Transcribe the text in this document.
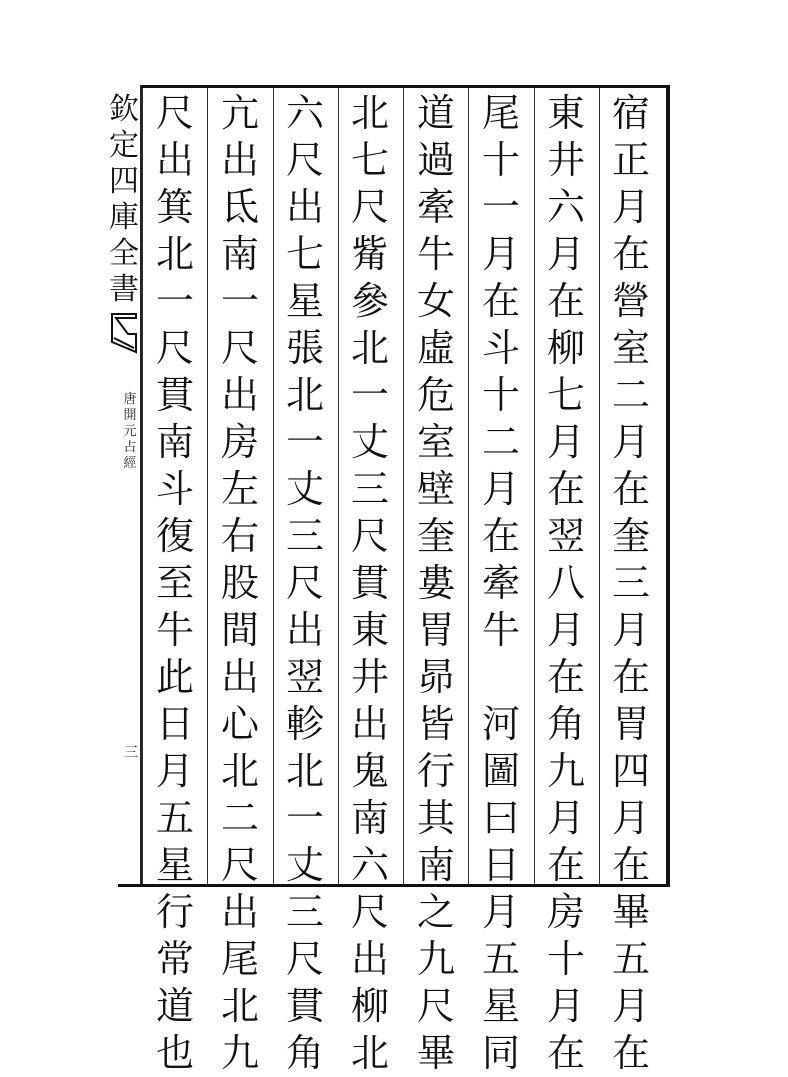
欽
定
四
庫
全
書
唐
開
元
占
經
三
宿
正
月
在
營
室
二
月
在
奎
三
月
在
胃
四
月
在
畢
五
月
在
東
井
六
月
在
柳
七
月
在
翌
八
月
在
角
九
月
在
房
十
月
在
尾
十
一
月
在
斗
十
二
月
在
牽
牛

河
圖
曰
日
月
五
星
同
道
過
牽
牛
女
虛
危
室
壁
奎
婁
胃
昴
皆
行
其
南
之
九
尺
畢
北
七
尺
觜
參
北
一
丈
三
尺
貫
東
井
出
鬼
南
六
尺
出
柳
北
六
尺
出
七
星
張
北
一
丈
三
尺
出
翌
軫
北
一
丈
三
尺
貫
角
亢
出
氐
南
一
尺
出
房
左
右
股
間
出
心
北
二
尺
出
尾
北
九
尺
出
箕
北
一
尺
貫
南
斗
復
至
牛
此
日
月
五
星
行
常
道
也
